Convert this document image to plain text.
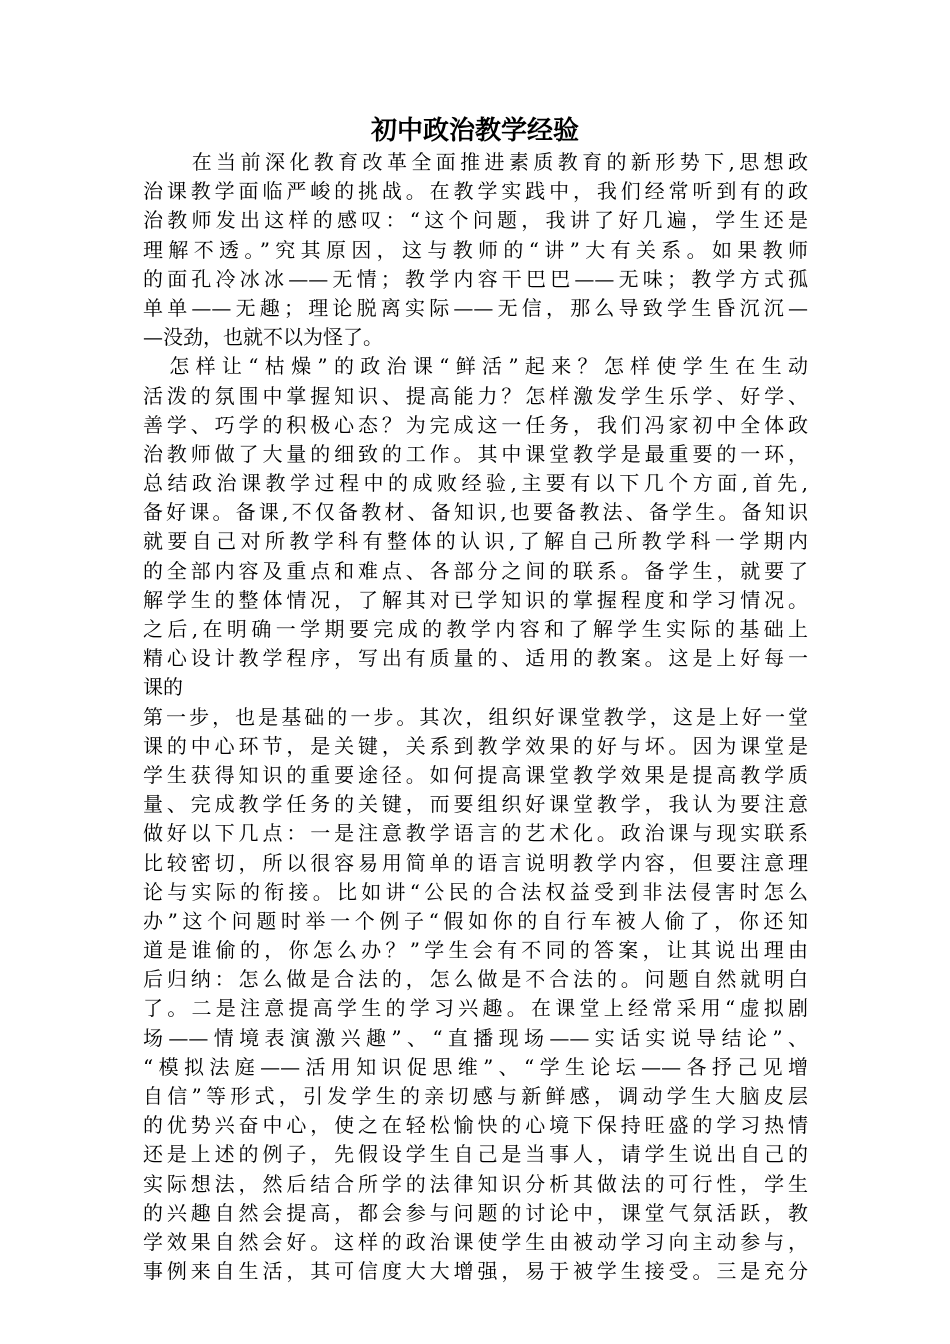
初中政治教学经验
　　在当前深化教育改革全面推进素质教育的新形势下,思想政
治课教学面临严峻的挑战。在教学实践中，我们经常听到有的政
治教师发出这样的感叹：“这个问题，我讲了好几遍，学生还是
理解不透。”究其原因，这与教师的“讲”大有关系。如果教师
的面孔冷冰冰——无情；教学内容干巴巴——无味；教学方式孤
单单——无趣；理论脱离实际——无信，那么导致学生昏沉沉—
—没劲，也就不以为怪了。
　怎样让“枯燥”的政治课“鲜活”起来？怎样使学生在生动
活泼的氛围中掌握知识、提高能力？怎样激发学生乐学、好学、
善学、巧学的积极心态？为完成这一任务，我们冯家初中全体政
治教师做了大量的细致的工作。其中课堂教学是最重要的一环，
总结政治课教学过程中的成败经验,主要有以下几个方面,首先,
备好课。备课,不仅备教材、备知识,也要备教法、备学生。备知识
就要自己对所教学科有整体的认识,了解自己所教学科一学期内
的全部内容及重点和难点、各部分之间的联系。备学生，就要了
解学生的整体情况，了解其对已学知识的掌握程度和学习情况。
之后,在明确一学期要完成的教学内容和了解学生实际的基础上
精心设计教学程序，写出有质量的、适用的教案。这是上好每一
课的
第一步，也是基础的一步。其次，组织好课堂教学，这是上好一堂
课的中心环节，是关键，关系到教学效果的好与坏。因为课堂是
学生获得知识的重要途径。如何提高课堂教学效果是提高教学质
量、完成教学任务的关键，而要组织好课堂教学，我认为要注意
做好以下几点：一是注意教学语言的艺术化。政治课与现实联系
比较密切，所以很容易用简单的语言说明教学内容，但要注意理
论与实际的衔接。比如讲“公民的合法权益受到非法侵害时怎么
办”这个问题时举一个例子“假如你的自行车被人偷了，你还知
道是谁偷的，你怎么办？”学生会有不同的答案，让其说出理由
后归纳：怎么做是合法的，怎么做是不合法的。问题自然就明白
了。二是注意提高学生的学习兴趣。在课堂上经常采用“虚拟剧
场——情境表演激兴趣”、“直播现场——实话实说导结论”、
“模拟法庭——活用知识促思维”、“学生论坛——各抒己见增
自信”等形式，引发学生的亲切感与新鲜感，调动学生大脑皮层
的优势兴奋中心，使之在轻松愉快的心境下保持旺盛的学习热情
还是上述的例子，先假设学生自己是当事人，请学生说出自己的
实际想法，然后结合所学的法律知识分析其做法的可行性，学生
的兴趣自然会提高，都会参与问题的讨论中，课堂气氛活跃，教
学效果自然会好。这样的政治课使学生由被动学习向主动参与，
事例来自生活，其可信度大大增强，易于被学生接受。三是充分
